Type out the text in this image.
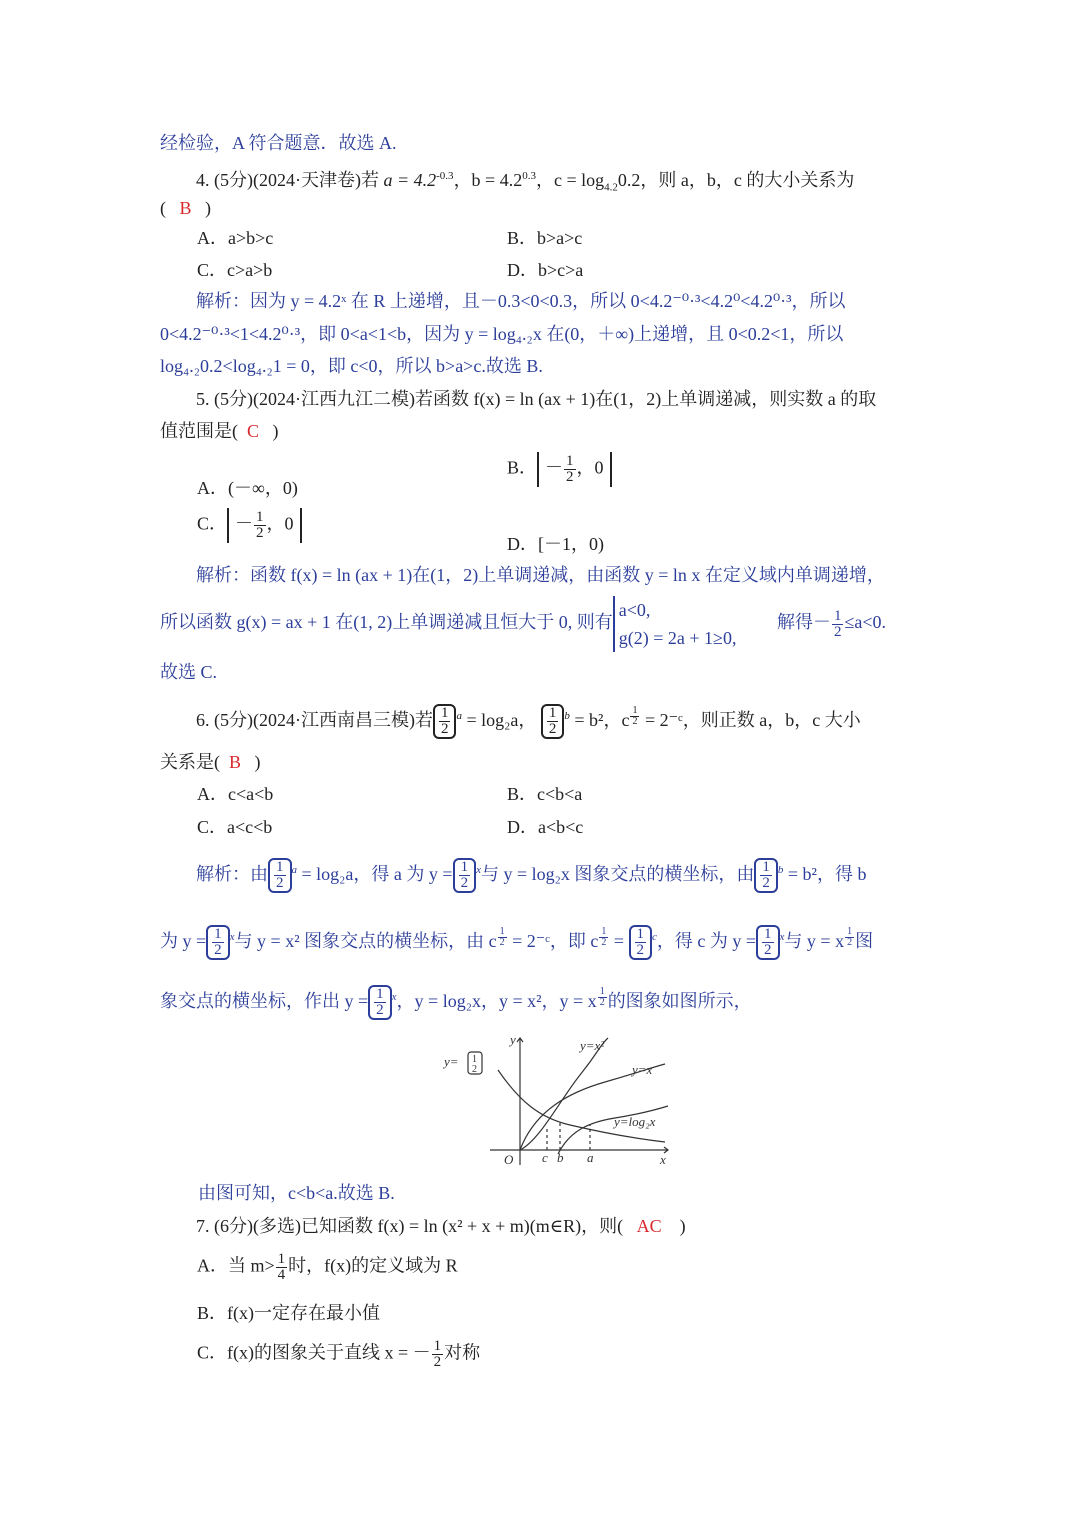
经检验，A 符合题意．故选 A.
4. (5分)(2024·天津卷)若 $a = 4.2^{-0.3}$，$b = 4.2^{0.3}$，$c = \log_{4.2}0.2$，则 a，b，c 的大小关系为
( B )
A．a>b>c	B．b>a>c
C．c>a>b	D．b>c>a
解析：因为 y = 4.2ˣ 在 R 上递增，且－0.3<0<0.3，所以 0<4.2⁻⁰·³<4.2⁰<4.2⁰·³，所以
0<4.2⁻⁰·³<1<4.2⁰·³，即 0<a<1<b，因为 y = log₄.₂x 在(0，＋∞)上递增，且 0<0.2<1，所以
log₄.₂0.2<log₄.₂1 = 0，即 c<0，所以 b>a>c.故选 B.
5. (5分)(2024·江西九江二模)若函数 f(x) = ln (ax + 1)在(1，2)上单调递减，则实数 a 的取
值范围是( C )
A．(－∞，0)
B． － $\frac{1}{2}$ ，0
C． － $\frac{1}{2}$ ，0
D．[－1，0)
解析：函数 f(x) = ln (ax + 1)在(1，2)上单调递减，由函数 y = ln x 在定义域内单调递增，
所以函数 g(x) = ax + 1 在(1, 2)上单调递减且恒大于 0, 则有
a<0,
g(2) = 2a + 1≥0,
解得－ $\frac{1}{2} \le a<0$.
故选 C.
6. (5分)(2024·江西南昌三模)若 $\frac{1}{2} ^a = \log_2a$， $\frac{1}{2} ^b = b^2$，c $^{\frac{1}{2}}$ = 2⁻ᶜ，则正数 a，b，c 大小
关系是( B )
A．c<a<b	B．c<b<a
C．a<c<b	D．a<b<c
解析：由 $\frac{1}{2} ^a = \log_2a$，得 a 为 $y = \frac{1}{2} ^x$与 y = log₂x 图象交点的横坐标，由 $\frac{1}{2} ^b = b^2$，得 b
为 $y = \frac{1}{2} ^x$与 y = x² 图象交点的横坐标，由 c $^{\frac{1}{2}}$ = 2⁻ᶜ，即 c $^{\frac{1}{2}} = \frac{1}{2} ^c$，得 c 为 $y = \frac{1}{2} ^x$与 y = x $^{\frac{1}{2}}$ 图
象交点的横坐标，作出 $y = \frac{1}{2} ^x$，y = log₂x，y = x²，y = x $^{\frac{1}{2}}$ 的图象如图所示，
y=
y=x²
y=x
y=log₂x
O	x
y
c b a
1
2
由图可知，c<b<a.故选 B.
7. (6分)(多选)已知函数 f(x) = ln (x² + x + m)(m∈R)，则( AC )
A．当 $m> \frac{1}{4}$ 时，f(x)的定义域为 R
B．f(x)一定存在最小值
C．f(x)的图象关于直线 x = － $\frac{1}{2}$ 对称
